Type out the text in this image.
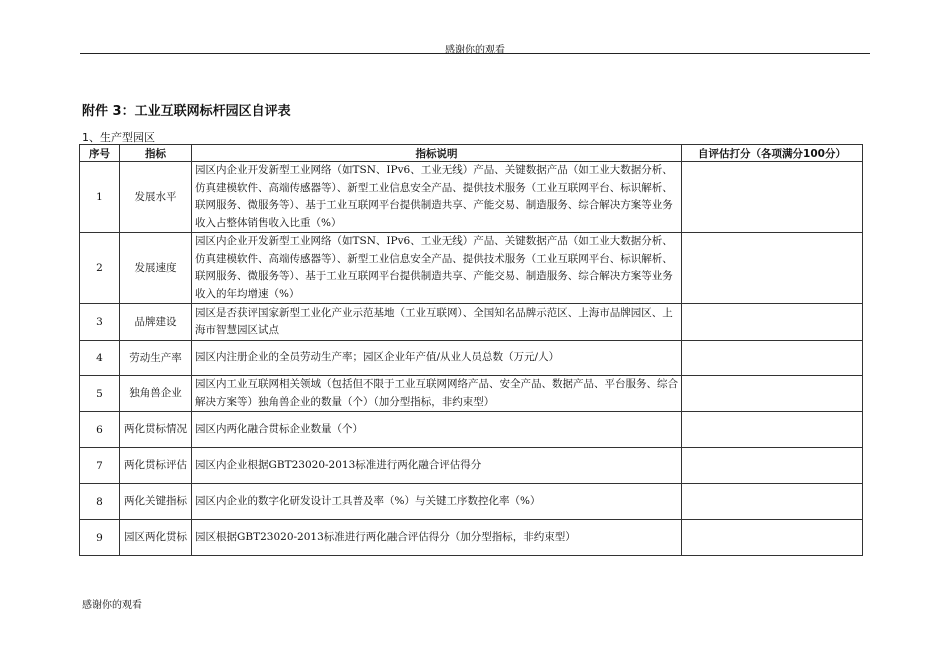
感谢你的观看
附件 3：工业互联网标杆园区自评表
1、生产型园区
序号	指标	指标说明	自评估打分（各项满分100分）
1	发展水平	园区内企业开发新型工业网络（如TSN、IPv6、工业无线）产品、关键数据产品（如工业大数据分析、仿真建模软件、高端传感器等）、新型工业信息安全产品、提供技术服务（工业互联网平台、标识解析、联网服务、微服务等）、基于工业互联网平台提供制造共享、产能交易、制造服务、综合解决方案等业务收入占整体销售收入比重（%）	
2	发展速度	园区内企业开发新型工业网络（如TSN、IPv6、工业无线）产品、关键数据产品（如工业大数据分析、仿真建模软件、高端传感器等）、新型工业信息安全产品、提供技术服务（工业互联网平台、标识解析、联网服务、微服务等）、基于工业互联网平台提供制造共享、产能交易、制造服务、综合解决方案等业务收入的年均增速（%）	
3	品牌建设	园区是否获评国家新型工业化产业示范基地（工业互联网）、全国知名品牌示范区、上海市品牌园区、上海市智慧园区试点	
4	劳动生产率	园区内注册企业的全员劳动生产率；园区企业年产值/从业人员总数（万元/人）	
5	独角兽企业	园区内工业互联网相关领域（包括但不限于工业互联网网络产品、安全产品、数据产品、平台服务、综合解决方案等）独角兽企业的数量（个）（加分型指标，非约束型）	
6	两化贯标情况	园区内两化融合贯标企业数量（个）	
7	两化贯标评估	园区内企业根据GBT23020-2013标准进行两化融合评估得分	
8	两化关键指标	园区内企业的数字化研发设计工具普及率（%）与关键工序数控化率（%）	
9	园区两化贯标	园区根据GBT23020-2013标准进行两化融合评估得分（加分型指标，非约束型）	
感谢你的观看
